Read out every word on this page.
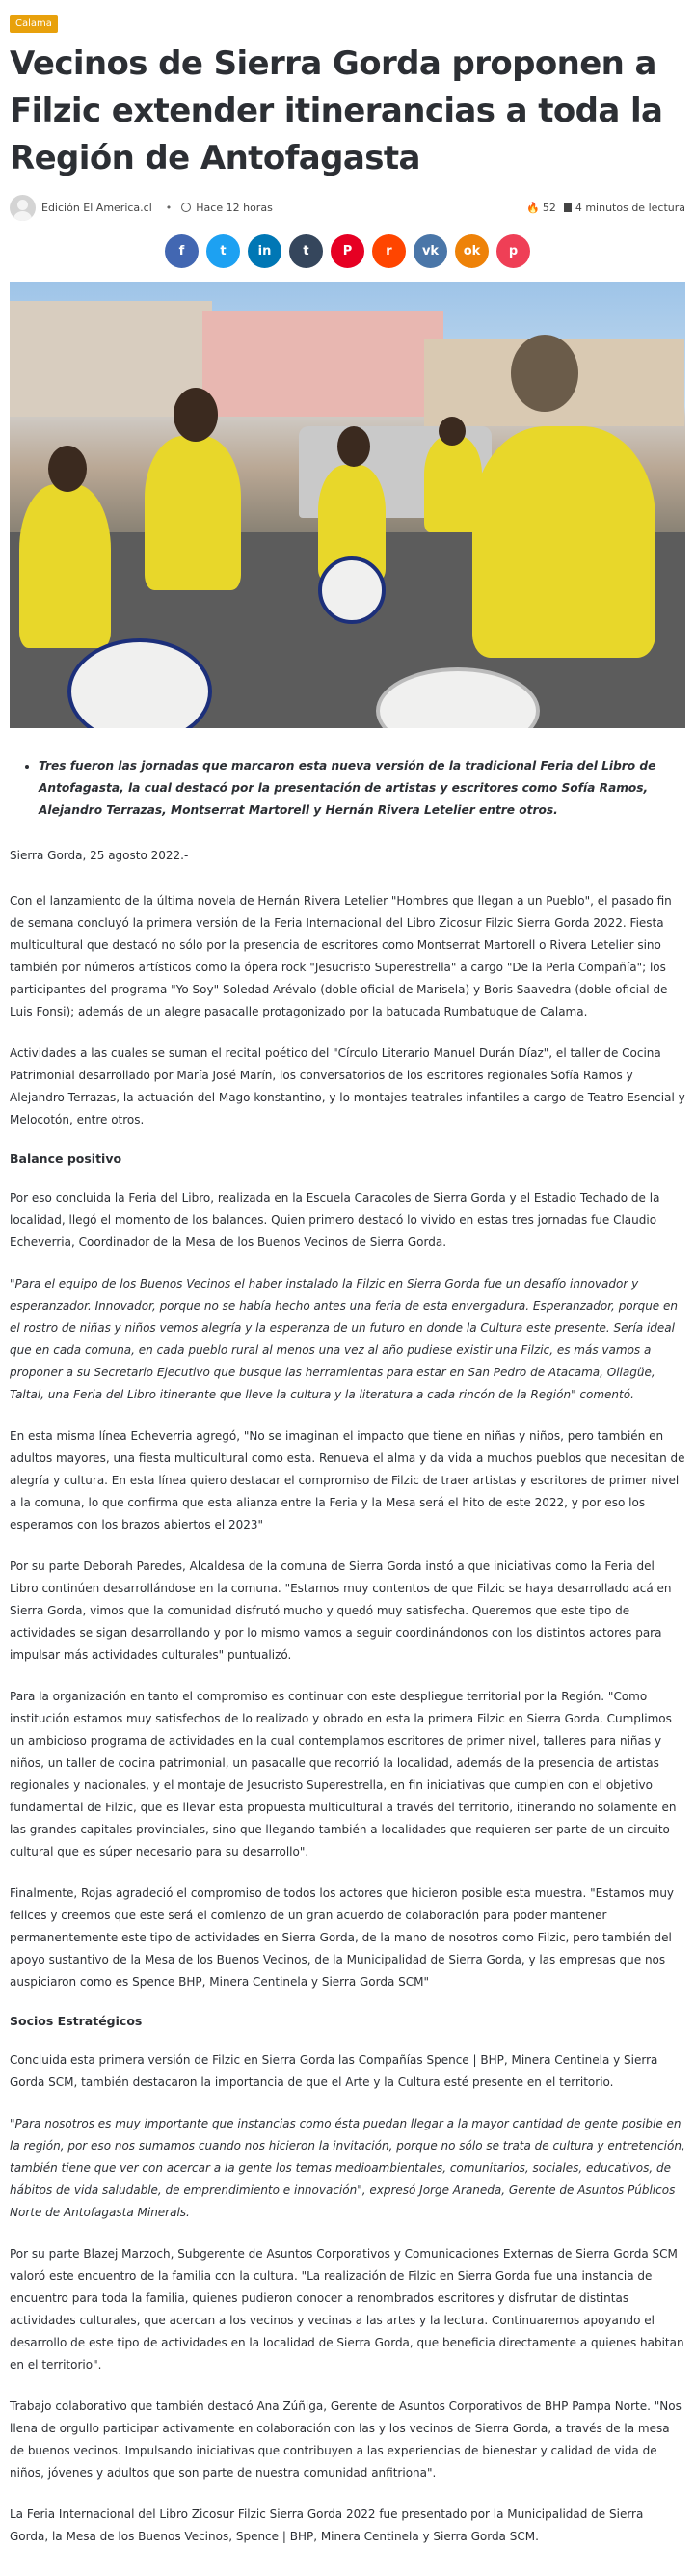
Calama
Vecinos de Sierra Gorda proponen a Filzic extender itinerancias a toda la Región de Antofagasta
Edición El America.cl • Hace 12 horas	🔥 52 4 minutos de lectura
f	t	in	t	P	r vk ok p
• Tres fueron las jornadas que marcaron esta nueva versión de la tradicional Feria del Libro de Antofagasta, la cual destacó por la presentación de artistas y escritores como Sofía Ramos, Alejandro Terrazas, Montserrat Martorell y Hernán Rivera Letelier entre otros.

Sierra Gorda, 25 agosto 2022.-

Con el lanzamiento de la última novela de Hernán Rivera Letelier "Hombres que llegan a un Pueblo", el pasado fin de semana concluyó la primera versión de la Feria Internacional del Libro Zicosur Filzic Sierra Gorda 2022. Fiesta multicultural que destacó no sólo por la presencia de escritores como Montserrat Martorell o Rivera Letelier sino también por números artísticos como la ópera rock "Jesucristo Superestrella" a cargo "De la Perla Compañía"; los participantes del programa "Yo Soy" Soledad Arévalo (doble oficial de Marisela) y Boris Saavedra (doble oficial de Luis Fonsi); además de un alegre pasacalle protagonizado por la batucada Rumbatuque de Calama.

Actividades a las cuales se suman el recital poético del "Círculo Literario Manuel Durán Díaz", el taller de Cocina Patrimonial desarrollado por María José Marín, los conversatorios de los escritores regionales Sofía Ramos y Alejandro Terrazas, la actuación del Mago konstantino, y lo montajes teatrales infantiles a cargo de Teatro Esencial y Melocotón, entre otros.

Balance positivo

Por eso concluida la Feria del Libro, realizada en la Escuela Caracoles de Sierra Gorda y el Estadio Techado de la localidad, llegó el momento de los balances. Quien primero destacó lo vivido en estas tres jornadas fue Claudio Echeverria, Coordinador de la Mesa de los Buenos Vecinos de Sierra Gorda.

"Para el equipo de los Buenos Vecinos el haber instalado la Filzic en Sierra Gorda fue un desafío innovador y esperanzador. Innovador, porque no se había hecho antes una feria de esta envergadura. Esperanzador, porque en el rostro de niñas y niños vemos alegría y la esperanza de un futuro en donde la Cultura este presente. Sería ideal que en cada comuna, en cada pueblo rural al menos una vez al año pudiese existir una Filzic, es más vamos a proponer a su Secretario Ejecutivo que busque las herramientas para estar en San Pedro de Atacama, Ollagüe, Taltal, una Feria del Libro itinerante que lleve la cultura y la literatura a cada rincón de la Región" comentó.

En esta misma línea Echeverria agregó, "No se imaginan el impacto que tiene en niñas y niños, pero también en adultos mayores, una fiesta multicultural como esta. Renueva el alma y da vida a muchos pueblos que necesitan de alegría y cultura. En esta línea quiero destacar el compromiso de Filzic de traer artistas y escritores de primer nivel a la comuna, lo que confirma que esta alianza entre la Feria y la Mesa será el hito de este 2022, y por eso los esperamos con los brazos abiertos el 2023"

Por su parte Deborah Paredes, Alcaldesa de la comuna de Sierra Gorda instó a que iniciativas como la Feria del Libro continúen desarrollándose en la comuna. "Estamos muy contentos de que Filzic se haya desarrollado acá en Sierra Gorda, vimos que la comunidad disfrutó mucho y quedó muy satisfecha. Queremos que este tipo de actividades se sigan desarrollando y por lo mismo vamos a seguir coordinándonos con los distintos actores para impulsar más actividades culturales" puntualizó.

Para la organización en tanto el compromiso es continuar con este despliegue territorial por la Región. "Como institución estamos muy satisfechos de lo realizado y obrado en esta la primera Filzic en Sierra Gorda. Cumplimos un ambicioso programa de actividades en la cual contemplamos escritores de primer nivel, talleres para niñas y niños, un taller de cocina patrimonial, un pasacalle que recorrió la localidad, además de la presencia de artistas regionales y nacionales, y el montaje de Jesucristo Superestrella, en fin iniciativas que cumplen con el objetivo fundamental de Filzic, que es llevar esta propuesta multicultural a través del territorio, itinerando no solamente en las grandes capitales provinciales, sino que llegando también a localidades que requieren ser parte de un circuito cultural que es súper necesario para su desarrollo".

Finalmente, Rojas agradeció el compromiso de todos los actores que hicieron posible esta muestra. "Estamos muy felices y creemos que este será el comienzo de un gran acuerdo de colaboración para poder mantener permanentemente este tipo de actividades en Sierra Gorda, de la mano de nosotros como Filzic, pero también del apoyo sustantivo de la Mesa de los Buenos Vecinos, de la Municipalidad de Sierra Gorda, y las empresas que nos auspiciaron como es Spence BHP, Minera Centinela y Sierra Gorda SCM"

Socios Estratégicos

Concluida esta primera versión de Filzic en Sierra Gorda las Compañías Spence | BHP, Minera Centinela y Sierra Gorda SCM, también destacaron la importancia de que el Arte y la Cultura esté presente en el territorio.

"Para nosotros es muy importante que instancias como ésta puedan llegar a la mayor cantidad de gente posible en la región, por eso nos sumamos cuando nos hicieron la invitación, porque no sólo se trata de cultura y entretención, también tiene que ver con acercar a la gente los temas medioambientales, comunitarios, sociales, educativos, de hábitos de vida saludable, de emprendimiento e innovación", expresó Jorge Araneda, Gerente de Asuntos Públicos Norte de Antofagasta Minerals.

Por su parte Blazej Marzoch, Subgerente de Asuntos Corporativos y Comunicaciones Externas de Sierra Gorda SCM valoró este encuentro de la familia con la cultura. "La realización de Filzic en Sierra Gorda fue una instancia de encuentro para toda la familia, quienes pudieron conocer a renombrados escritores y disfrutar de distintas actividades culturales, que acercan a los vecinos y vecinas a las artes y la lectura. Continuaremos apoyando el desarrollo de este tipo de actividades en la localidad de Sierra Gorda, que beneficia directamente a quienes habitan en el territorio".

Trabajo colaborativo que también destacó Ana Zúñiga, Gerente de Asuntos Corporativos de BHP Pampa Norte. "Nos llena de orgullo participar activamente en colaboración con las y los vecinos de Sierra Gorda, a través de la mesa de buenos vecinos. Impulsando iniciativas que contribuyen a las experiencias de bienestar y calidad de vida de niños, jóvenes y adultos que son parte de nuestra comunidad anfitriona".

La Feria Internacional del Libro Zicosur Filzic Sierra Gorda 2022 fue presentado por la Municipalidad de Sierra Gorda, la Mesa de los Buenos Vecinos, Spence | BHP, Minera Centinela y Sierra Gorda SCM.
